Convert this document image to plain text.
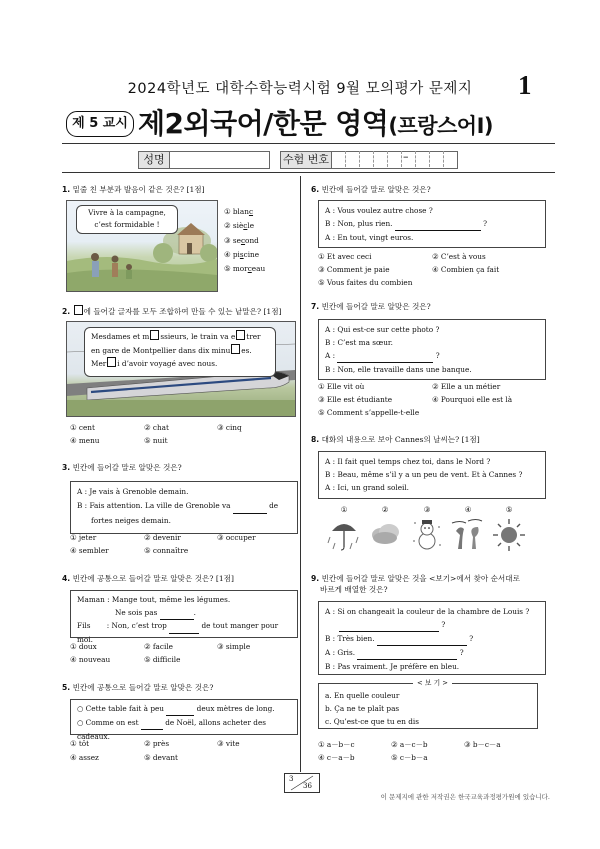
2024학년도 대학수학능력시험 9월 모의평가 문제지	1
제 5 교시 제2외국어/한문 영역(프랑스어Ⅰ)
성명	수험 번호	–
1. 밑줄 친 부분과 발음이 같은 것은? [1점]
Vivre à la campagne,
c’est formidable !
① blanc
② siècle
③ second
④ piscine
⑤ morceau
2. 에 들어갈 글자를 모두 조합하여 만들 수 있는 낱말은? [1점]
Mesdames et m ssieurs, le train va e trer
en gare de Montpellier dans dix minu es.
Mer i d’avoir voyagé avec nous.
① cent	② chat	③ cinq
④ menu	⑤ nuit
3. 빈칸에 들어갈 말로 알맞은 것은?
A : Je vais à Grenoble demain.
B : Fais attention. La ville de Grenoble va	de
fortes neiges demain.
① jeter	② devenir	③ occuper
④ sembler	⑤ connaître
4. 빈칸에 공통으로 들어갈 말로 알맞은 것은? [1점]
Maman : Mange tout, même les légumes.
Ne sois pas	.
Fils : Non, c’est trop	de tout manger pour moi.
① doux	② facile	③ simple
④ nouveau	⑤ difficile
5. 빈칸에 공통으로 들어갈 말로 알맞은 것은?
○ Cette table fait à peu	deux mètres de long.
○ Comme on est	de Noël, allons acheter des cadeaux.
① tôt	② près	③ vite
④ assez	⑤ devant
6. 빈칸에 들어갈 말로 알맞은 것은?
A : Vous voulez autre chose ?
B : Non, plus rien.	?
A : En tout, vingt euros.
① Et avec ceci	② C’est à vous
③ Comment je paie	④ Combien ça fait
⑤ Vous faites du combien
7. 빈칸에 들어갈 말로 알맞은 것은?
A : Qui est-ce sur cette photo ?
B : C’est ma sœur.
A :	?
B : Non, elle travaille dans une banque.
① Elle vit où	② Elle a un métier
③ Elle est étudiante	④ Pourquoi elle est là
⑤ Comment s’appelle-t-elle
8. 대화의 내용으로 보아 Cannes의 날씨는? [1점]
A : Il fait quel temps chez toi, dans le Nord ?
B : Beau, même s’il y a un peu de vent. Et à Cannes ?
A : Ici, un grand soleil.
①	②	③	④	⑤
9. 빈칸에 들어갈 말로 알맞은 것을 <보기>에서 찾아 순서대로
바르게 배열한 것은?
A : Si on changeait la couleur de la chambre de Louis ?
?
B : Très bien.	?
A : Gris.	?
B : Pas vraiment. Je préfère en bleu.
< 보 기 >
a. En quelle couleur
b. Ça ne te plaît pas
c. Qu’est-ce que tu en dis
① a－b－c	② a－c－b	③ b－c－a
④ c－a－b	⑤ c－b－a
3
36
이 문제지에 관한 저작권은 한국교육과정평가원에 있습니다.
